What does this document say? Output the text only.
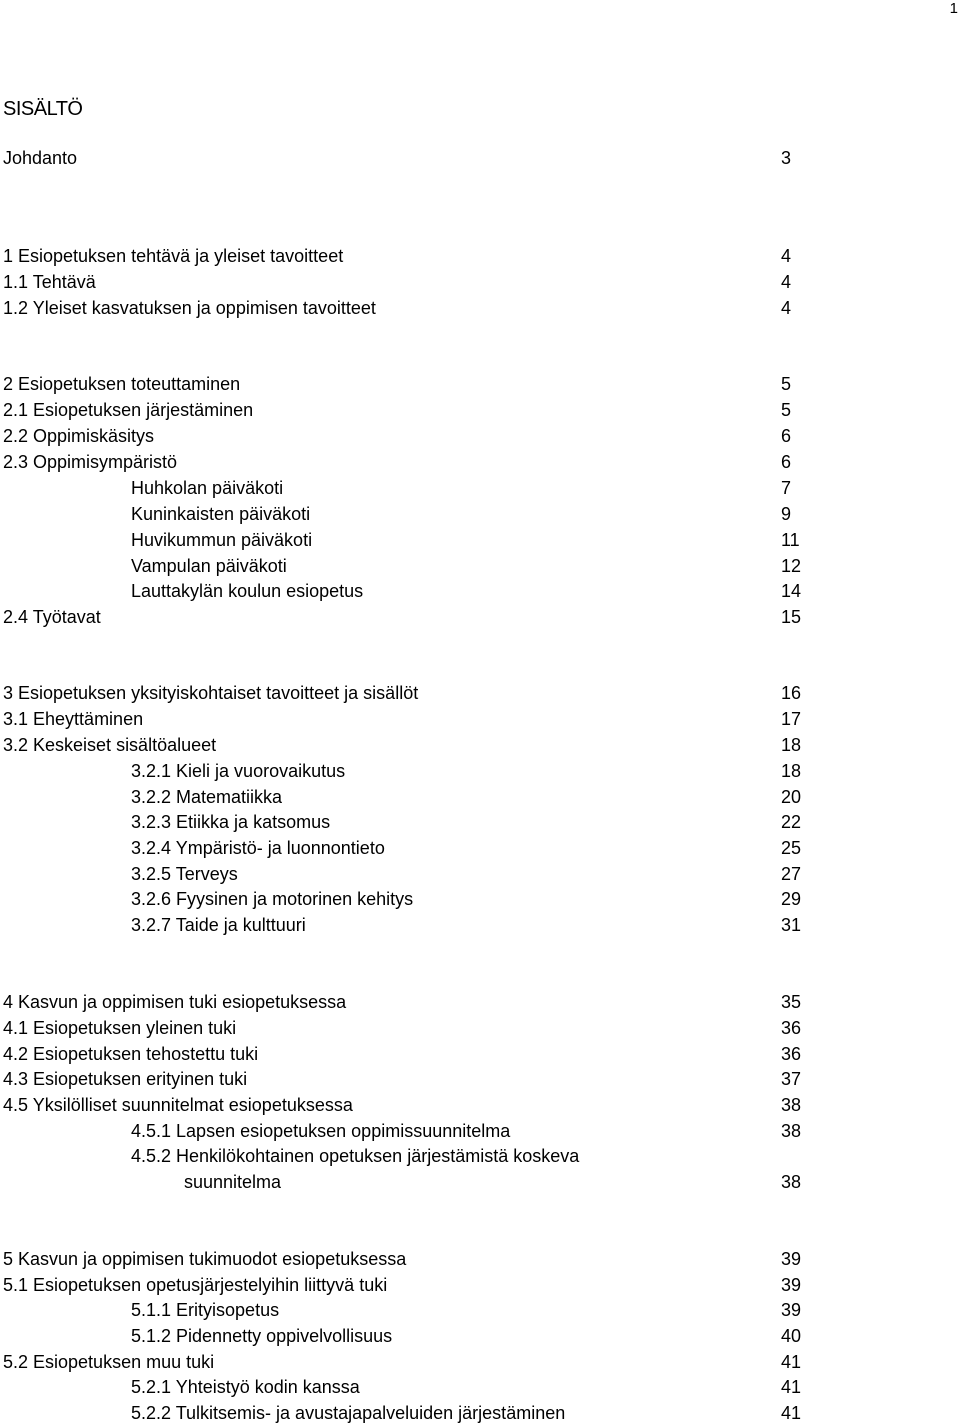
1
SISÄLTÖ
Johdanto	3
1 Esiopetuksen tehtävä ja yleiset tavoitteet	4
1.1 Tehtävä	4
1.2 Yleiset kasvatuksen ja oppimisen tavoitteet	4
2 Esiopetuksen toteuttaminen	5
2.1 Esiopetuksen järjestäminen	5
2.2 Oppimiskäsitys	6
2.3 Oppimisympäristö	6
Huhkolan päiväkoti	7
Kuninkaisten päiväkoti	9
Huvikummun päiväkoti	11
Vampulan päiväkoti	12
Lauttakylän koulun esiopetus	14
2.4 Työtavat	15
3 Esiopetuksen yksityiskohtaiset tavoitteet ja sisällöt	16
3.1 Eheyttäminen	17
3.2 Keskeiset sisältöalueet	18
3.2.1 Kieli ja vuorovaikutus	18
3.2.2 Matematiikka	20
3.2.3 Etiikka ja katsomus	22
3.2.4 Ympäristö- ja luonnontieto	25
3.2.5 Terveys	27
3.2.6 Fyysinen ja motorinen kehitys	29
3.2.7 Taide ja kulttuuri	31
4 Kasvun ja oppimisen tuki esiopetuksessa	35
4.1 Esiopetuksen yleinen tuki	36
4.2 Esiopetuksen tehostettu tuki	36
4.3 Esiopetuksen erityinen tuki	37
4.5 Yksilölliset suunnitelmat esiopetuksessa	38
4.5.1 Lapsen esiopetuksen oppimissuunnitelma	38
4.5.2 Henkilökohtainen opetuksen järjestämistä koskeva
suunnitelma	38
5 Kasvun ja oppimisen tukimuodot esiopetuksessa	39
5.1 Esiopetuksen opetusjärjestelyihin liittyvä tuki	39
5.1.1 Erityisopetus	39
5.1.2 Pidennetty oppivelvollisuus	40
5.2 Esiopetuksen muu tuki	41
5.2.1 Yhteistyö kodin kanssa	41
5.2.2 Tulkitsemis- ja avustajapalveluiden järjestäminen	41
